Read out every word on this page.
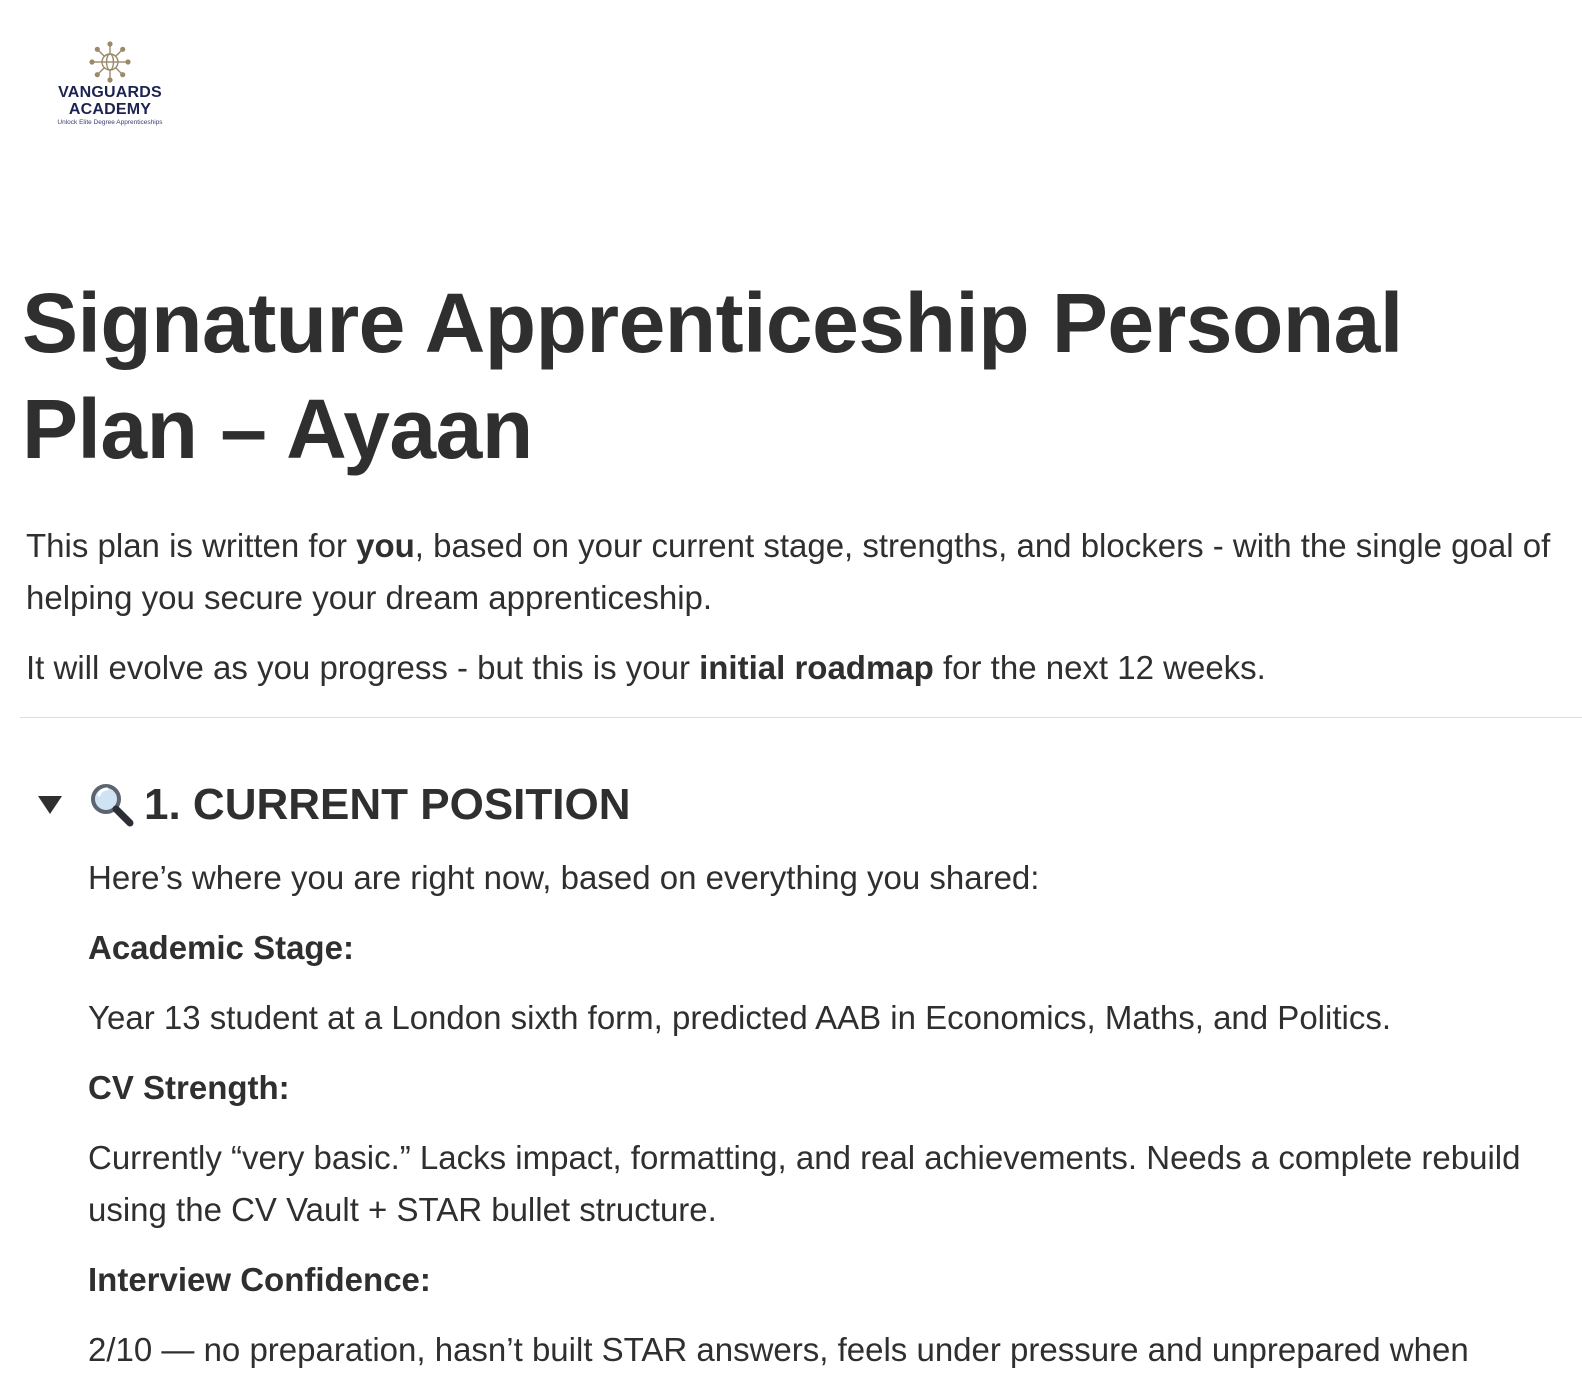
VANGUARDS
ACADEMY
Unlock Elite Degree Apprenticeships
Signature Apprenticeship Personal Plan – Ayaan

This plan is written for you, based on your current stage, strengths, and blockers - with the single goal of helping you secure your dream apprenticeship.

It will evolve as you progress - but this is your initial roadmap for the next 12 weeks.

1. CURRENT POSITION

Here’s where you are right now, based on everything you shared:

Academic Stage:

Year 13 student at a London sixth form, predicted AAB in Economics, Maths, and Politics.

CV Strength:

Currently “very basic.” Lacks impact, formatting, and real achievements. Needs a complete rebuild using the CV Vault + STAR bullet structure.

Interview Confidence:

2/10 — no preparation, hasn’t built STAR answers, feels under pressure and unprepared when
